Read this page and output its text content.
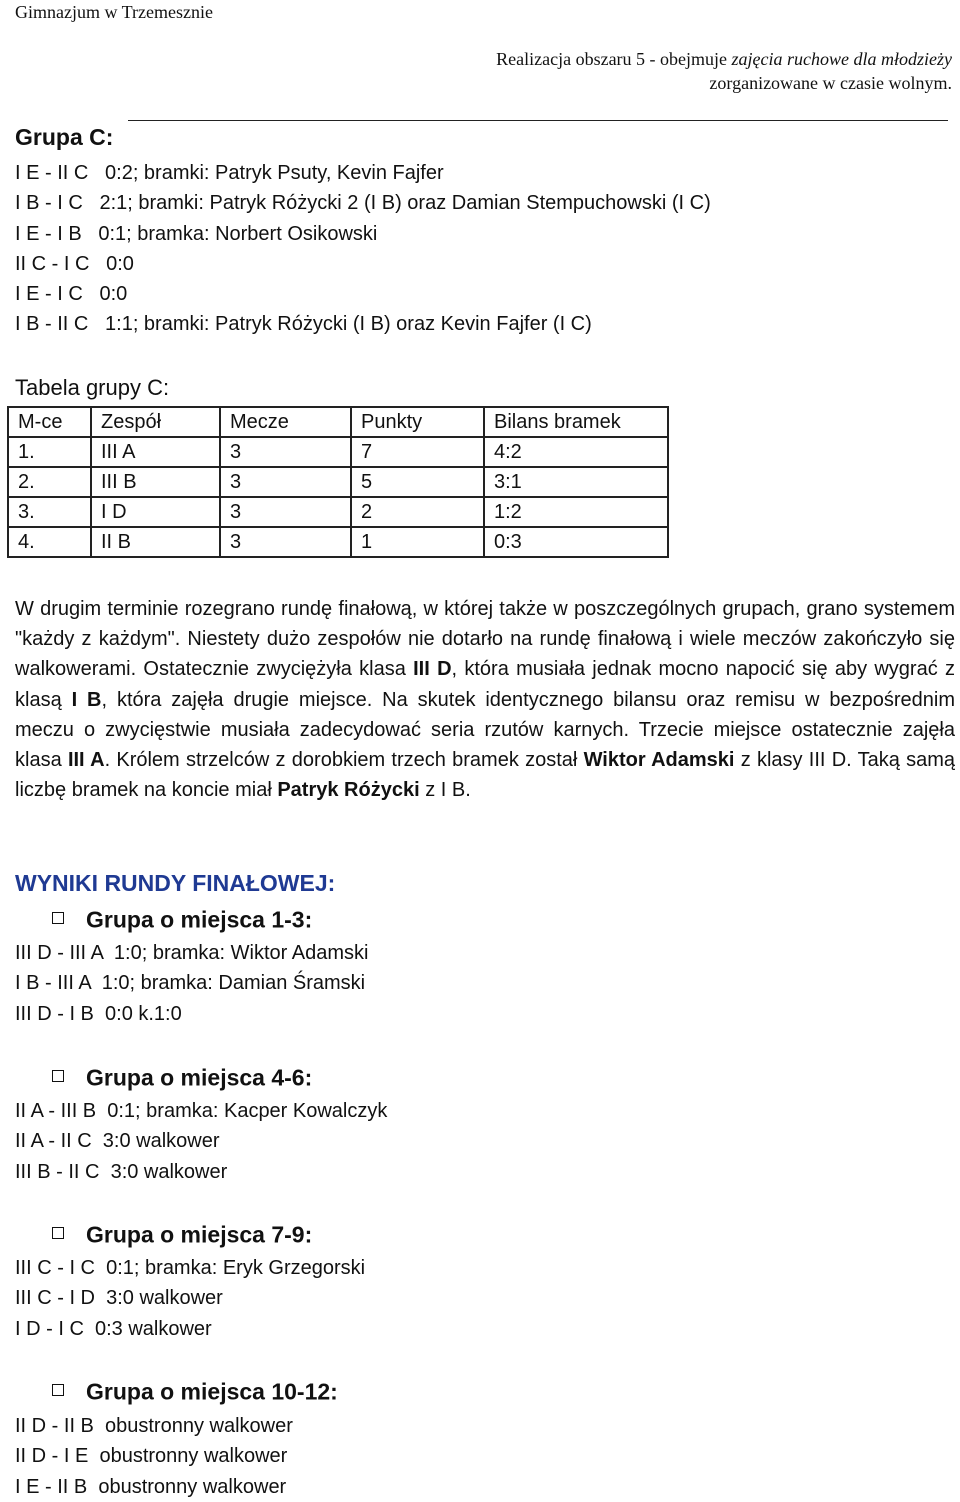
Gimnazjum w Trzemesznie
Realizacja obszaru 5 - obejmuje zajęcia ruchowe dla młodzieży
zorganizowane w czasie wolnym.
Grupa C:
I E - II C   0:2; bramki: Patryk Psuty, Kevin Fajfer
I B - I C   2:1; bramki: Patryk Różycki 2 (I B) oraz Damian Stempuchowski (I C)
I E - I B   0:1; bramka: Norbert Osikowski
II C - I C   0:0
I E - I C   0:0
I B - II C   1:1; bramki: Patryk Różycki (I B) oraz Kevin Fajfer (I C)
Tabela grupy C:
M-ce	Zespół	Mecze	Punkty	Bilans bramek
1.	III A	3	7	4:2
2.	III B	3	5	3:1
3.	I D	3	2	1:2
4.	II B	3	1	0:3

W drugim terminie rozegrano rundę finałową, w której także w poszczególnych grupach, grano systemem "każdy z każdym". Niestety dużo zespołów nie dotarło na rundę finałową i wiele meczów zakończyło się walkowerami. Ostatecznie zwyciężyła klasa III D, która musiała jednak mocno napocić się aby wygrać z klasą I B, która zajęła drugie miejsce. Na skutek identycznego bilansu oraz remisu w bezpośrednim meczu o zwycięstwie musiała zadecydować seria rzutów karnych. Trzecie miejsce ostatecznie zajęła klasa III A. Królem strzelców z dorobkiem trzech bramek został Wiktor Adamski z klasy III D. Taką samą liczbę bramek na koncie miał Patryk Różycki z I B.

WYNIKI RUNDY FINAŁOWEJ:
Grupa o miejsca 1-3:
III D - III A  1:0; bramka: Wiktor Adamski
I B - III A  1:0; bramka: Damian Śramski
III D - I B  0:0 k.1:0
Grupa o miejsca 4-6:
II A - III B  0:1; bramka: Kacper Kowalczyk
II A - II C  3:0 walkower
III B - II C  3:0 walkower
Grupa o miejsca 7-9:
III C - I C  0:1; bramka: Eryk Grzegorski
III C - I D  3:0 walkower
I D - I C  0:3 walkower
Grupa o miejsca 10-12:
II D - II B  obustronny walkower
II D - I E  obustronny walkower
I E - II B  obustronny walkower
